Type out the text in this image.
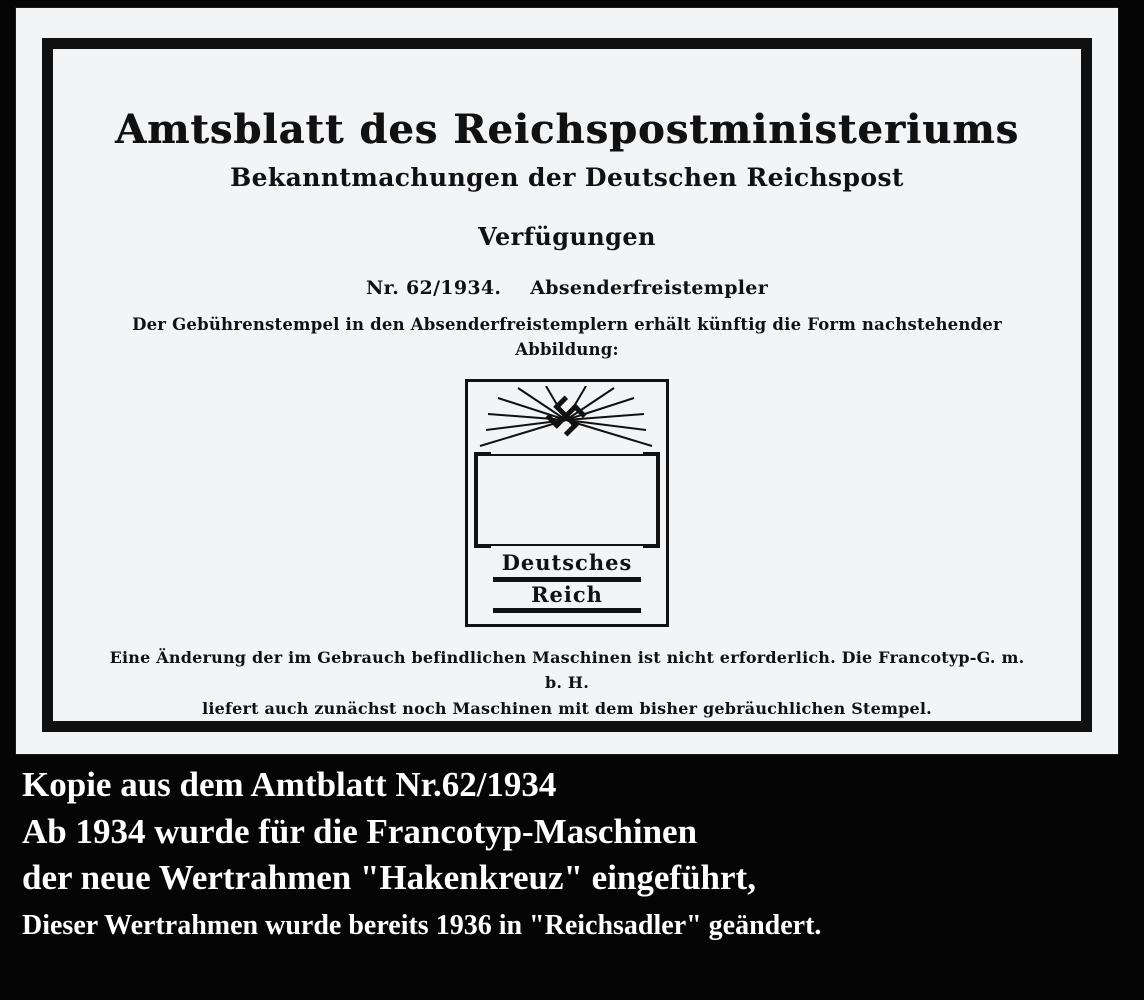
Amtsblatt des Reichspostministeriums
Bekanntmachungen der Deutschen Reichspost
Verfügungen
Nr. 62/1934. Absenderfreistempler
Der Gebührenstempel in den Absenderfreistemplern erhält künftig die Form nachstehender Abbildung:
Deutsches
Reich
Eine Änderung der im Gebrauch befindlichen Maschinen ist nicht erforderlich. Die Francotyp-G. m. b. H.
liefert auch zunächst noch Maschinen mit dem bisher gebräuchlichen Stempel.
Kopie aus dem Amtblatt Nr.62/1934
Ab 1934 wurde für die Francotyp-Maschinen
der neue Wertrahmen "Hakenkreuz" eingeführt,
Dieser Wertrahmen wurde bereits 1936 in "Reichsadler" geändert.
